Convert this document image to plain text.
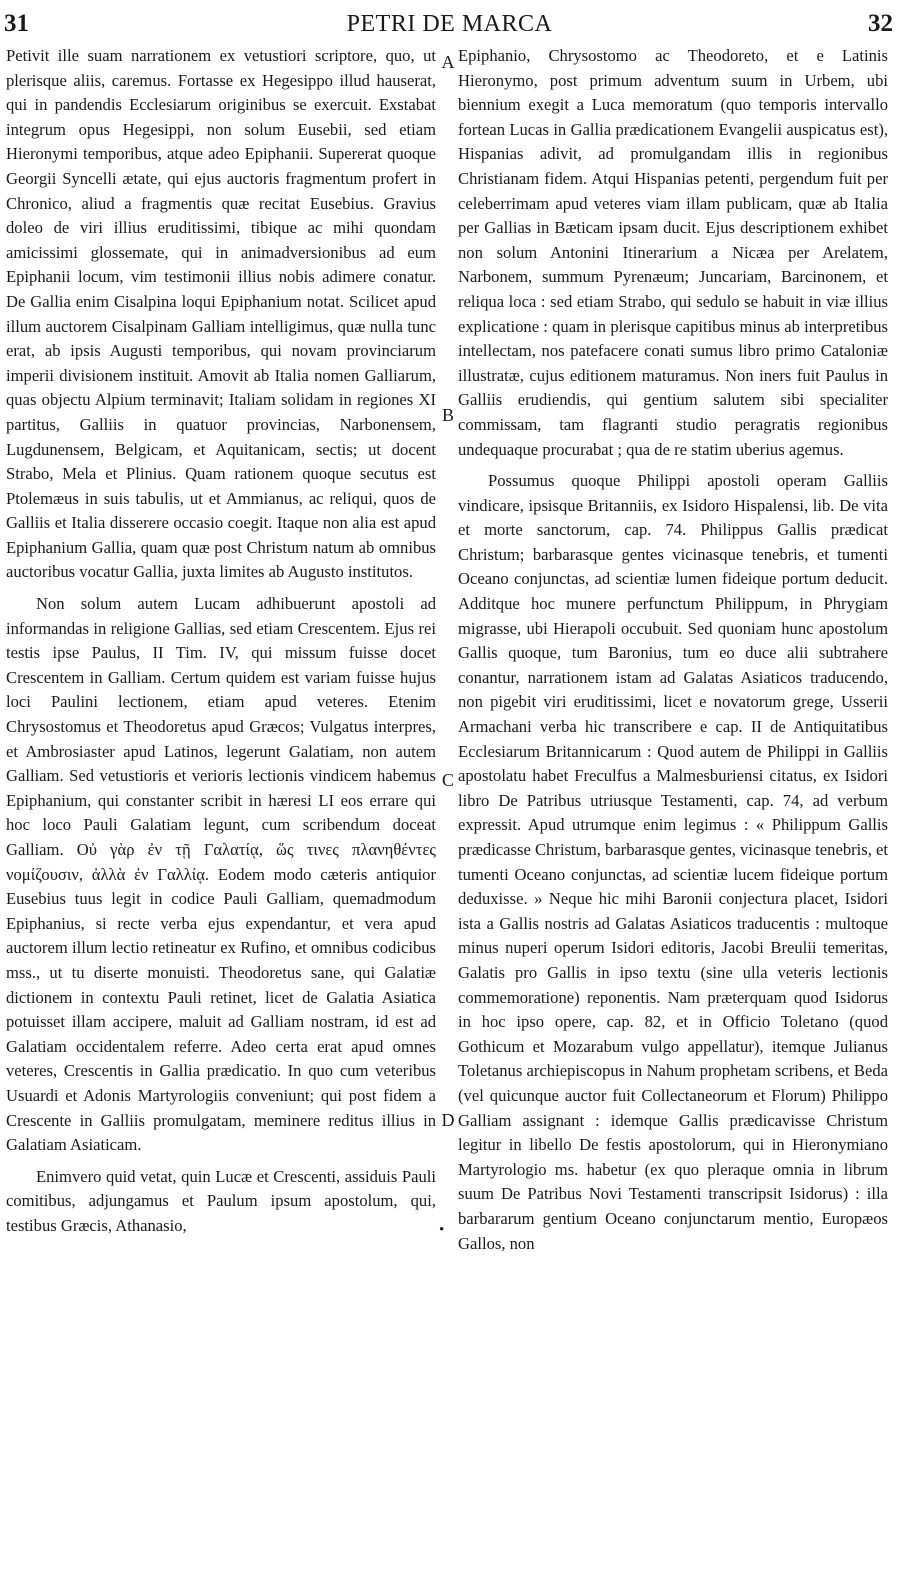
31	PETRI DE MARCA	32

Petivit ille suam narrationem ex vetustiori scriptore, quo, ut plerisque aliis, caremus. Fortasse ex Hegesippo illud hauserat, qui in pandendis Ecclesiarum originibus se exercuit. Exstabat integrum opus Hegesippi, non solum Eusebii, sed etiam Hieronymi temporibus, atque adeo Epiphanii. Supererat quoque Georgii Syncelli ætate, qui ejus auctoris fragmentum profert in Chronico, aliud a fragmentis quæ recitat Eusebius. Gravius doleo de viri illius eruditissimi, tibique ac mihi quondam amicissimi glossemate, qui in animadversionibus ad eum Epiphanii locum, vim testimonii illius nobis adimere conatur. De Gallia enim Cisalpina loqui Epiphanium notat. Scilicet apud illum auctorem Cisalpinam Galliam intelligimus, quæ nulla tunc erat, ab ipsis Augusti temporibus, qui novam provinciarum imperii divisionem instituit. Amovit ab Italia nomen Galliarum, quas objectu Alpium terminavit; Italiam solidam in regiones XI partitus, Galliis in quatuor provincias, Narbonensem, Lugdunensem, Belgicam, et Aquitanicam, sectis; ut docent Strabo, Mela et Plinius. Quam rationem quoque secutus est Ptolemæus in suis tabulis, ut et Ammianus, ac reliqui, quos de Galliis et Italia disserere occasio coegit. Itaque non alia est apud Epiphanium Gallia, quam quæ post Christum natum ab omnibus auctoribus vocatur Gallia, juxta limites ab Augusto institutos.

Non solum autem Lucam adhibuerunt apostoli ad informandas in religione Gallias, sed etiam Crescentem. Ejus rei testis ipse Paulus, II Tim. IV, qui missum fuisse docet Crescentem in Galliam. Certum quidem est variam fuisse hujus loci Paulini lectionem, etiam apud veteres. Etenim Chrysostomus et Theodoretus apud Græcos; Vulgatus interpres, et Ambrosiaster apud Latinos, legerunt Galatiam, non autem Galliam. Sed vetustioris et verioris lectionis vindicem habemus Epiphanium, qui constanter scribit in hæresi LI eos errare qui hoc loco Pauli Galatiam legunt, cum scribendum doceat Galliam. Οὐ γὰρ ἐν τῇ Γαλατίᾳ, ὥς τινες πλανηθέντες νομίζουσιν, ἀλλὰ ἐν Γαλλίᾳ. Eodem modo cæteris antiquior Eusebius tuus legit in codice Pauli Galliam, quemadmodum Epiphanius, si recte verba ejus expendantur, et vera apud auctorem illum lectio retineatur ex Rufino, et omnibus codicibus mss., ut tu diserte monuisti. Theodoretus sane, qui Galatiæ dictionem in contextu Pauli retinet, licet de Galatia Asiatica potuisset illam accipere, maluit ad Galliam nostram, id est ad Galatiam occidentalem referre. Adeo certa erat apud omnes veteres, Crescentis in Gallia prædicatio. In quo cum veteribus Usuardi et Adonis Martyrologiis conveniunt; qui post fidem a Crescente in Galliis promulgatam, meminere reditus illius in Galatiam Asiaticam.

Enimvero quid vetat, quin Lucæ et Crescenti, assiduis Pauli comitibus, adjungamus et Paulum ipsum apostolum, qui, testibus Græcis, Athanasio,

A
B
C
D
•

Epiphanio, Chrysostomo ac Theodoreto, et e Latinis Hieronymo, post primum adventum suum in Urbem, ubi biennium exegit a Luca memoratum (quo temporis intervallo fortean Lucas in Gallia prædicationem Evangelii auspicatus est), Hispanias adivit, ad promulgandam illis in regionibus Christianam fidem. Atqui Hispanias petenti, pergendum fuit per celeberrimam apud veteres viam illam publicam, quæ ab Italia per Gallias in Bæticam ipsam ducit. Ejus descriptionem exhibet non solum Antonini Itinerarium a Nicæa per Arelatem, Narbonem, summum Pyrenæum; Juncariam, Barcinonem, et reliqua loca : sed etiam Strabo, qui sedulo se habuit in viæ illius explicatione : quam in plerisque capitibus minus ab interpretibus intellectam, nos patefacere conati sumus libro primo Cataloniæ illustratæ, cujus editionem maturamus. Non iners fuit Paulus in Galliis erudiendis, qui gentium salutem sibi specialiter commissam, tam flagranti studio peragratis regionibus undequaque procurabat ; qua de re statim uberius agemus.

Possumus quoque Philippi apostoli operam Galliis vindicare, ipsisque Britanniis, ex Isidoro Hispalensi, lib. De vita et morte sanctorum, cap. 74. Philippus Gallis prædicat Christum; barbarasque gentes vicinasque tenebris, et tumenti Oceano conjunctas, ad scientiæ lumen fideique portum deducit. Additque hoc munere perfunctum Philippum, in Phrygiam migrasse, ubi Hierapoli occubuit. Sed quoniam hunc apostolum Gallis quoque, tum Baronius, tum eo duce alii subtrahere conantur, narrationem istam ad Galatas Asiaticos traducendo, non pigebit viri eruditissimi, licet e novatorum grege, Usserii Armachani verba hic transcribere e cap. II de Antiquitatibus Ecclesiarum Britannicarum : Quod autem de Philippi in Galliis apostolatu habet Freculfus a Malmesburiensi citatus, ex Isidori libro De Patribus utriusque Testamenti, cap. 74, ad verbum expressit. Apud utrumque enim legimus : « Philippum Gallis prædicasse Christum, barbarasque gentes, vicinasque tenebris, et tumenti Oceano conjunctas, ad scientiæ lucem fideique portum deduxisse. » Neque hic mihi Baronii conjectura placet, Isidori ista a Gallis nostris ad Galatas Asiaticos traducentis : multoque minus nuperi operum Isidori editoris, Jacobi Breulii temeritas, Galatis pro Gallis in ipso textu (sine ulla veteris lectionis commemoratione) reponentis. Nam præterquam quod Isidorus in hoc ipso opere, cap. 82, et in Officio Toletano (quod Gothicum et Mozarabum vulgo appellatur), itemque Julianus Toletanus archiepiscopus in Nahum prophetam scribens, et Beda (vel quicunque auctor fuit Collectaneorum et Florum) Philippo Galliam assignant : idemque Gallis prædicavisse Christum legitur in libello De festis apostolorum, qui in Hieronymiano Martyrologio ms. habetur (ex quo pleraque omnia in librum suum De Patribus Novi Testamenti transcripsit Isidorus) : illa barbararum gentium Oceano conjunctarum mentio, Europæos Gallos, non
